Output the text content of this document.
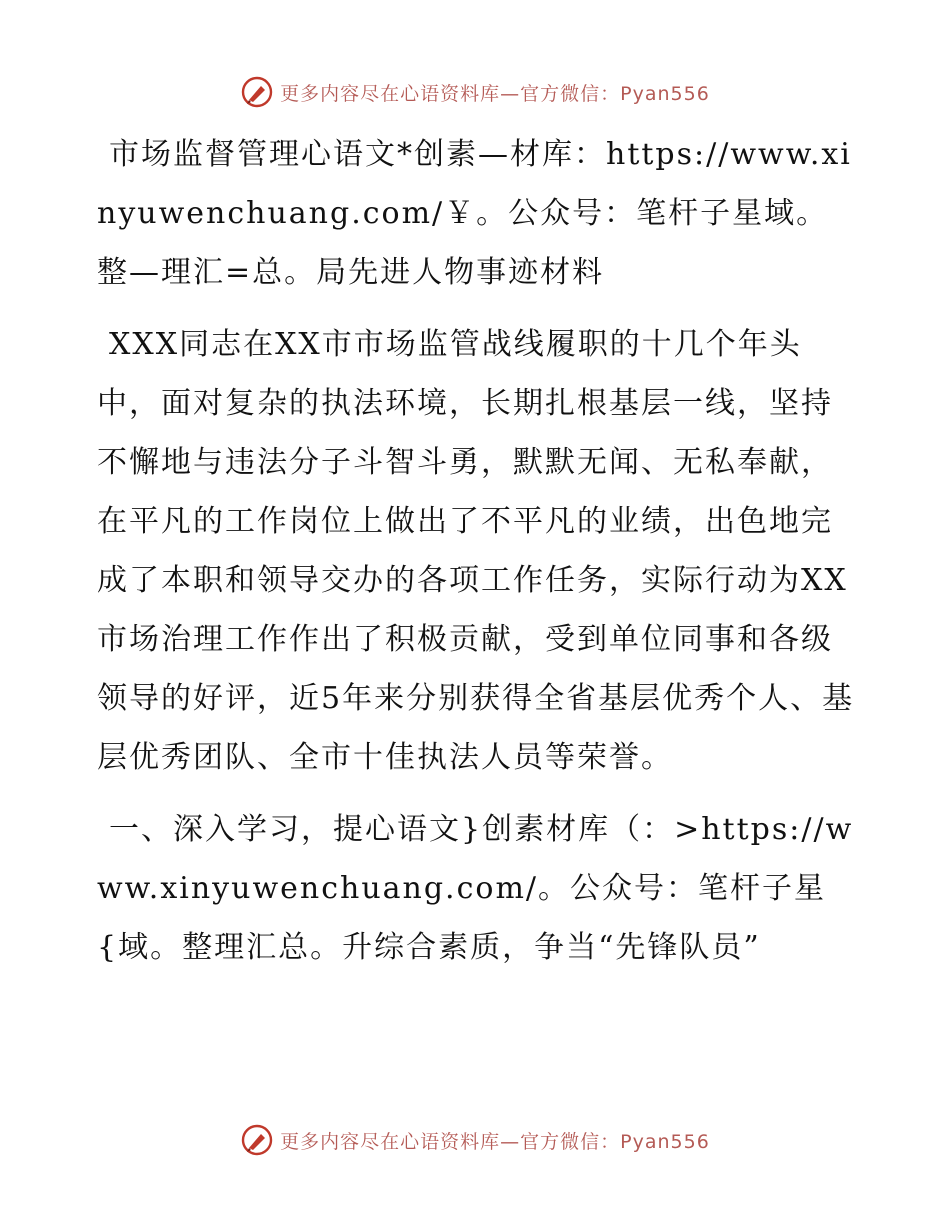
更多内容尽在心语资料库—官方微信：Pyan556

市场监督管理心语文*创素—材库：https://www.xinyuwenchuang.com/￥。公众号：笔杆子星域。整—理汇=总。局先进人物事迹材料

XXX同志在XX市市场监管战线履职的十几个年头中，面对复杂的执法环境，长期扎根基层一线，坚持不懈地与违法分子斗智斗勇，默默无闻、无私奉献，在平凡的工作岗位上做出了不平凡的业绩，出色地完成了本职和领导交办的各项工作任务，实际行动为XX市场治理工作作出了积极贡献，受到单位同事和各级领导的好评，近5年来分别获得全省基层优秀个人、基层优秀团队、全市十佳执法人员等荣誉。

一、深入学习，提心语文}创素材库（：>https://www.xinyuwenchuang.com/。公众号：笔杆子星{域。整理汇总。升综合素质，争当“先锋队员”

更多内容尽在心语资料库—官方微信：Pyan556
